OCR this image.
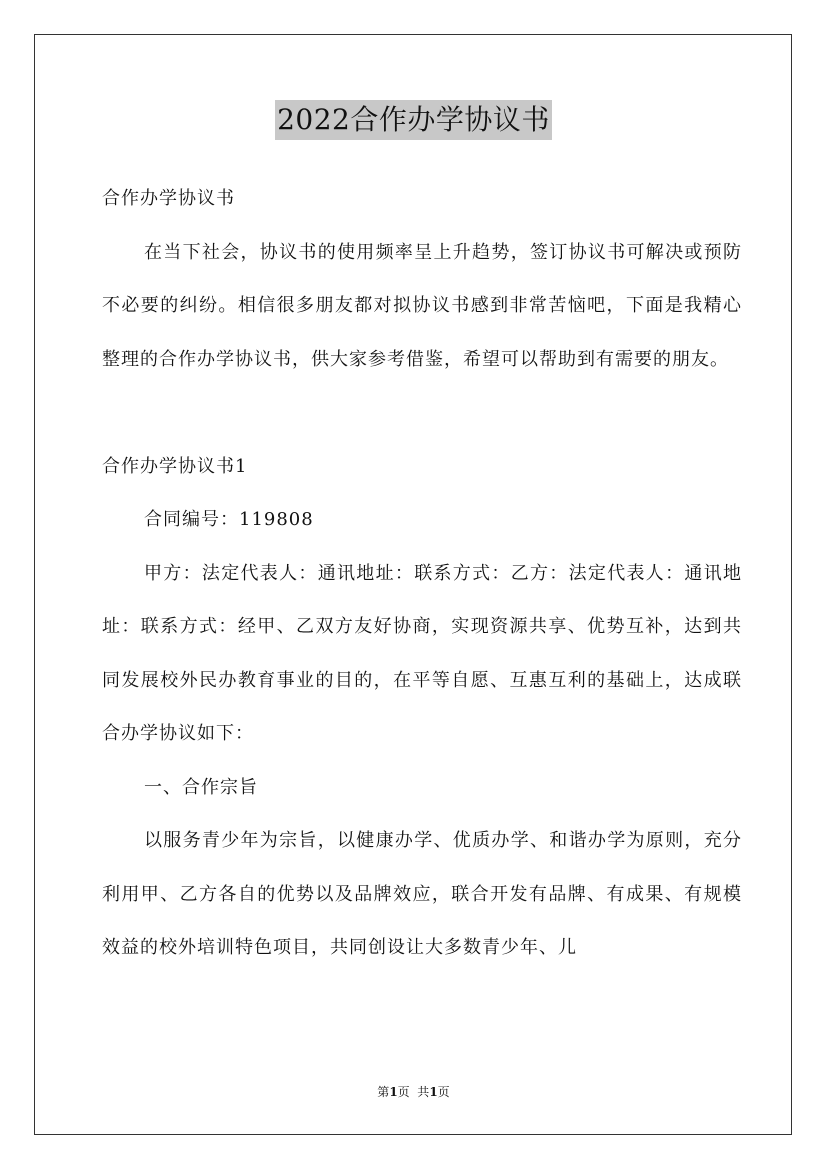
2022合作办学协议书

合作办学协议书

在当下社会，协议书的使用频率呈上升趋势，签订协议书可解决或预防不必要的纠纷。相信很多朋友都对拟协议书感到非常苦恼吧，下面是我精心整理的合作办学协议书，供大家参考借鉴，希望可以帮助到有需要的朋友。

合作办学协议书1

合同编号：119808

甲方：法定代表人：通讯地址：联系方式：乙方：法定代表人：通讯地址：联系方式：经甲、乙双方友好协商，实现资源共享、优势互补，达到共同发展校外民办教育事业的目的，在平等自愿、互惠互利的基础上，达成联合办学协议如下：

一、合作宗旨

以服务青少年为宗旨，以健康办学、优质办学、和谐办学为原则，充分利用甲、乙方各自的优势以及品牌效应，联合开发有品牌、有成果、有规模效益的校外培训特色项目，共同创设让大多数青少年、儿

第1页  共1页
